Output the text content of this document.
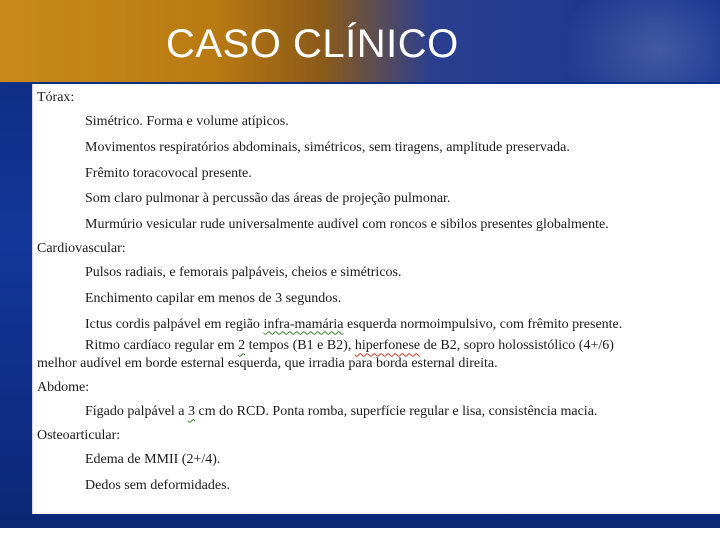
CASO CLÍNICO
Tórax:
Simétrico. Forma e volume atípicos.
Movimentos respiratórios abdominais, simétricos, sem tiragens, amplitude preservada.
Frêmito toracovocal presente.
Som claro pulmonar à percussão das áreas de projeção pulmonar.
Murmúrio vesicular rude universalmente audível com roncos e sibilos presentes globalmente.
Cardiovascular:
Pulsos radiais, e femorais palpáveis, cheios e simétricos.
Enchimento capilar em menos de 3 segundos.
Ictus cordis palpável em região infra-mamária esquerda normoimpulsivo, com frêmito presente.
Ritmo cardíaco regular em 2 tempos (B1 e B2), hiperfonese de B2, sopro holossistólico (4+/6)
melhor audível em borde esternal esquerda, que irradia para borda esternal direita.
Abdome:
Fígado palpável a 3 cm do RCD. Ponta romba, superfície regular e lisa, consistência macia.
Osteoarticular:
Edema de MMII (2+/4).
Dedos sem deformidades.
